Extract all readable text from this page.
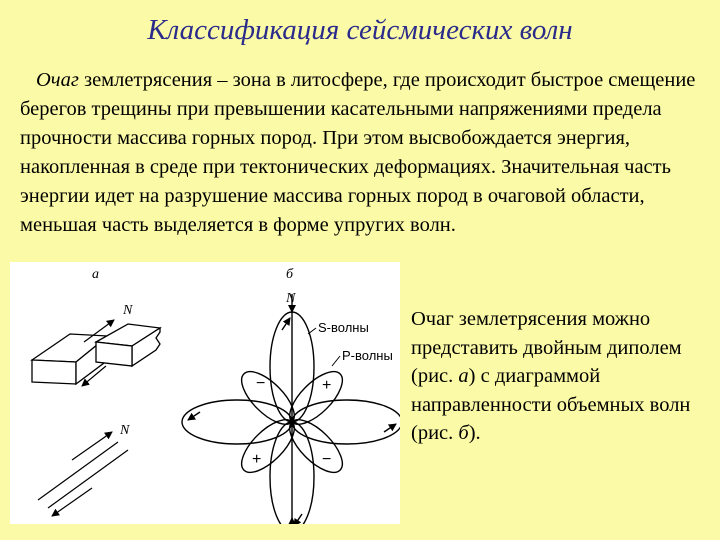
Классификация сейсмических волн
Очаг землетрясения – зона в литосфере, где происходит быстрое смещение берегов трещины при превышении касательными напряжениями предела прочности массива горных пород. При этом высвобождается энергия, накопленная в среде при тектонических деформациях. Значительная часть энергии идет на разрушение массива горных пород в очаговой области, меньшая часть выделяется в форме упругих волн.
а
N
N
б
N
S-волны
P-волны
−	+
+	−
Очаг землетрясения можно представить двойным диполем (рис. а) с диаграммой направленности объемных волн (рис. б).
